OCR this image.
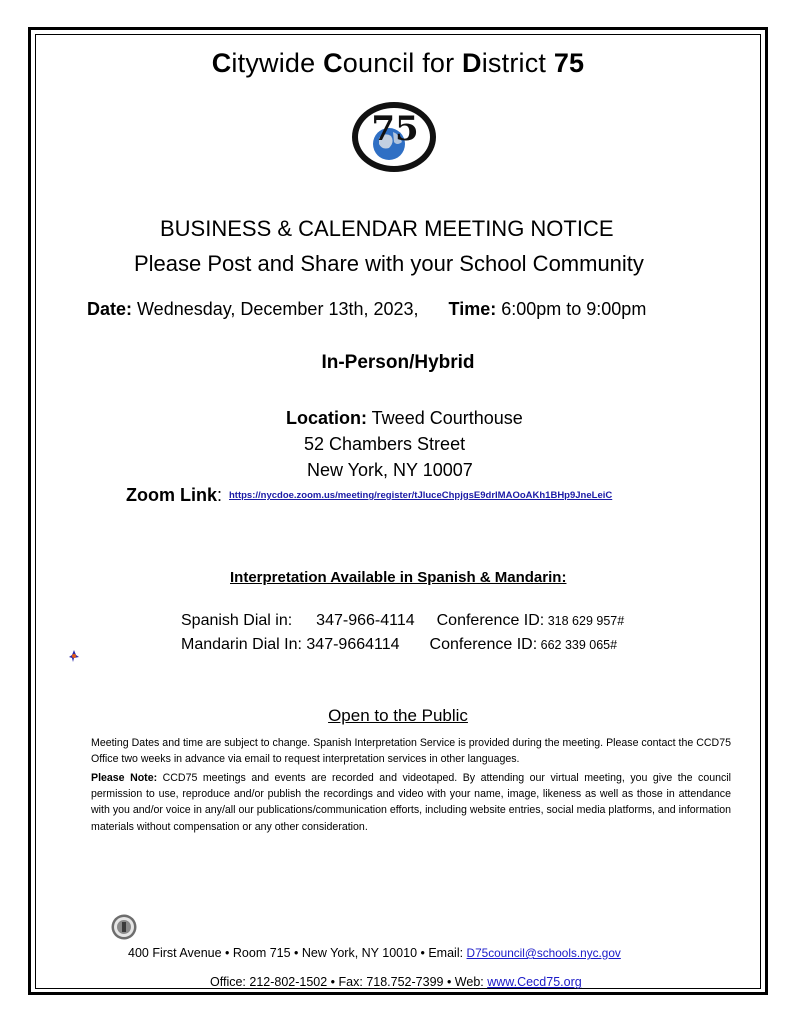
Citywide Council for District 75
75
BUSINESS & CALENDAR MEETING NOTICE
Please Post and Share with your School Community
Date: Wednesday, December 13th, 2023, Time: 6:00pm to 9:00pm
In-Person/Hybrid
Location: Tweed Courthouse
52 Chambers Street
New York, NY 10007
Zoom Link: https://nycdoe.zoom.us/meeting/register/tJluceChpjgsE9drIMAOoAKh1BHp9JneLeiC
Interpretation Available in Spanish & Mandarin:
Spanish Dial in: 347-966-4114 Conference ID: 318 629 957#
Mandarin Dial In: 347-9664114 Conference ID: 662 339 065#
Open to the Public
Meeting Dates and time are subject to change. Spanish Interpretation Service is provided during the meeting. Please contact the CCD75 Office two weeks in advance via email to request interpretation services in other languages.
Please Note: CCD75 meetings and events are recorded and videotaped. By attending our virtual meeting, you give the council permission to use, reproduce and/or publish the recordings and video with your name, image, likeness as well as those in attendance with you and/or voice in any/all our publications/communication efforts, including website entries, social media platforms, and information materials without compensation or any other consideration.
400 First Avenue • Room 715 • New York, NY 10010 • Email: D75council@schools.nyc.gov
Office: 212-802-1502 • Fax: 718.752-7399 • Web: www.Cecd75.org
